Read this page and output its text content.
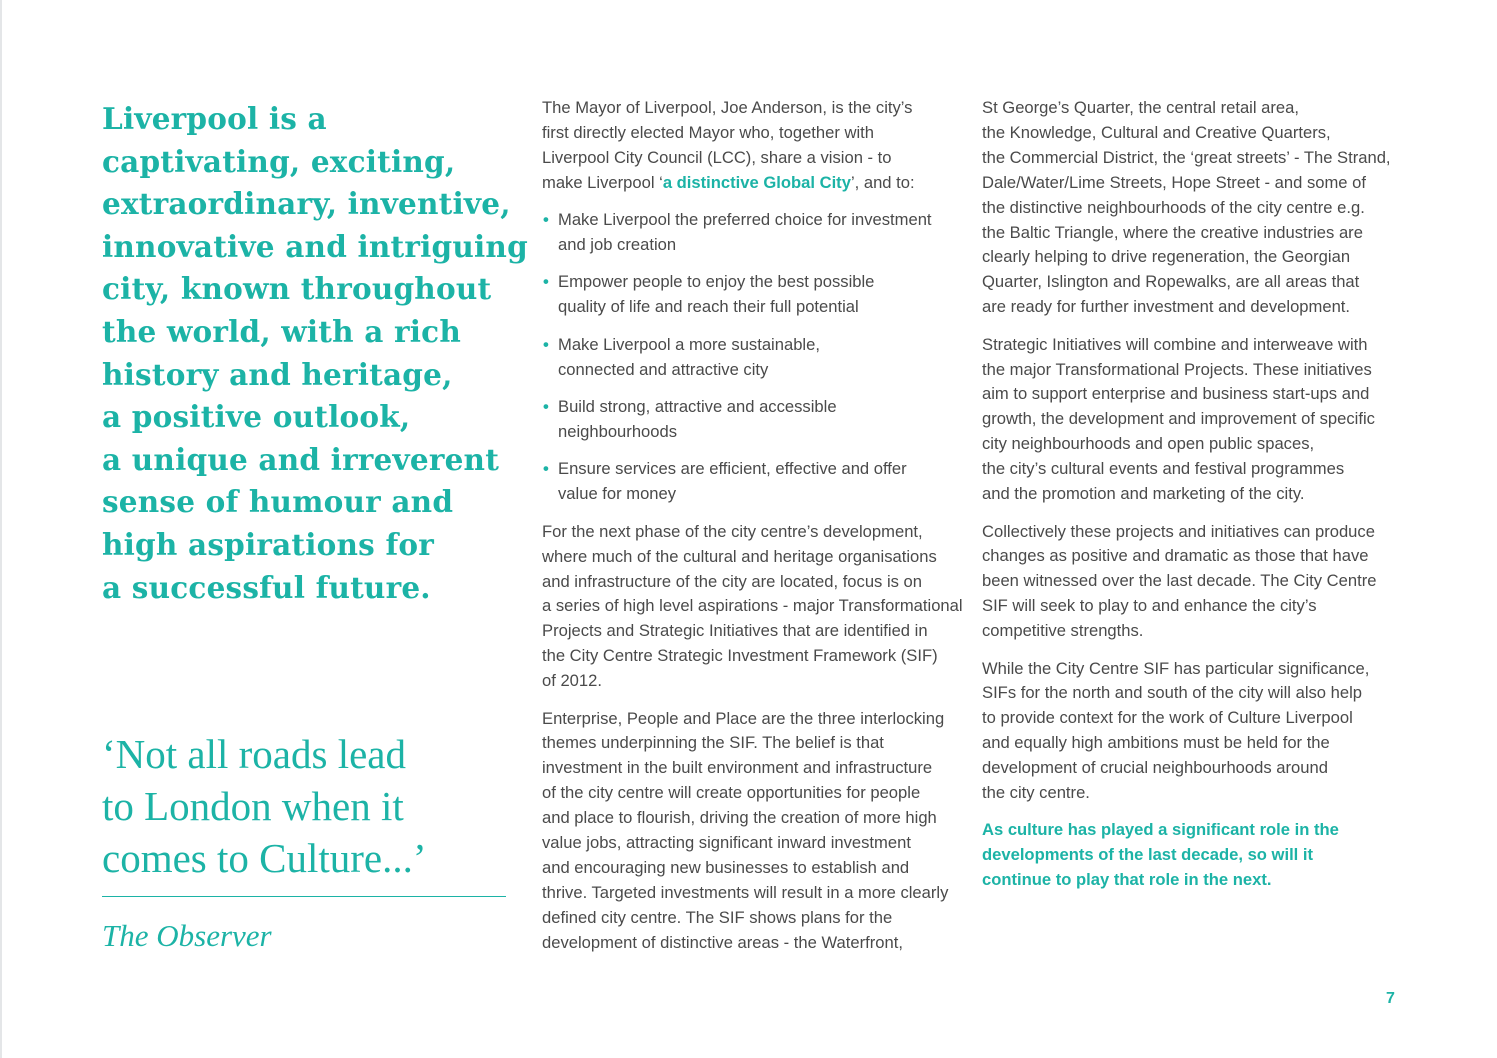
Liverpool is a
captivating, exciting,
extraordinary, inventive,
innovative and intriguing
city, known throughout
the world, with a rich
history and heritage,
a positive outlook,
a unique and irreverent
sense of humour and
high aspirations for
a successful future.
‘Not all roads lead
to London when it
comes to Culture...’

The Observer

The Mayor of Liverpool, Joe Anderson, is the city’s
first directly elected Mayor who, together with
Liverpool City Council (LCC), share a vision - to
make Liverpool ‘a distinctive Global City’, and to:

• Make Liverpool the preferred choice for investment
and job creation
• Empower people to enjoy the best possible
quality of life and reach their full potential
• Make Liverpool a more sustainable,
connected and attractive city
• Build strong, attractive and accessible
neighbourhoods
• Ensure services are efficient, effective and offer
value for money

For the next phase of the city centre’s development,
where much of the cultural and heritage organisations
and infrastructure of the city are located, focus is on
a series of high level aspirations - major Transformational
Projects and Strategic Initiatives that are identified in
the City Centre Strategic Investment Framework (SIF)
of 2012.

Enterprise, People and Place are the three interlocking
themes underpinning the SIF. The belief is that
investment in the built environment and infrastructure
of the city centre will create opportunities for people
and place to flourish, driving the creation of more high
value jobs, attracting significant inward investment
and encouraging new businesses to establish and
thrive. Targeted investments will result in a more clearly
defined city centre. The SIF shows plans for the
development of distinctive areas - the Waterfront,

St George’s Quarter, the central retail area,
the Knowledge, Cultural and Creative Quarters,
the Commercial District, the ‘great streets’ - The Strand,
Dale/Water/Lime Streets, Hope Street - and some of
the distinctive neighbourhoods of the city centre e.g.
the Baltic Triangle, where the creative industries are
clearly helping to drive regeneration, the Georgian
Quarter, Islington and Ropewalks, are all areas that
are ready for further investment and development.

Strategic Initiatives will combine and interweave with
the major Transformational Projects. These initiatives
aim to support enterprise and business start-ups and
growth, the development and improvement of specific
city neighbourhoods and open public spaces,
the city’s cultural events and festival programmes
and the promotion and marketing of the city.

Collectively these projects and initiatives can produce
changes as positive and dramatic as those that have
been witnessed over the last decade. The City Centre
SIF will seek to play to and enhance the city’s
competitive strengths.

While the City Centre SIF has particular significance,
SIFs for the north and south of the city will also help
to provide context for the work of Culture Liverpool
and equally high ambitions must be held for the
development of crucial neighbourhoods around
the city centre.

As culture has played a significant role in the
developments of the last decade, so will it
continue to play that role in the next.

7
